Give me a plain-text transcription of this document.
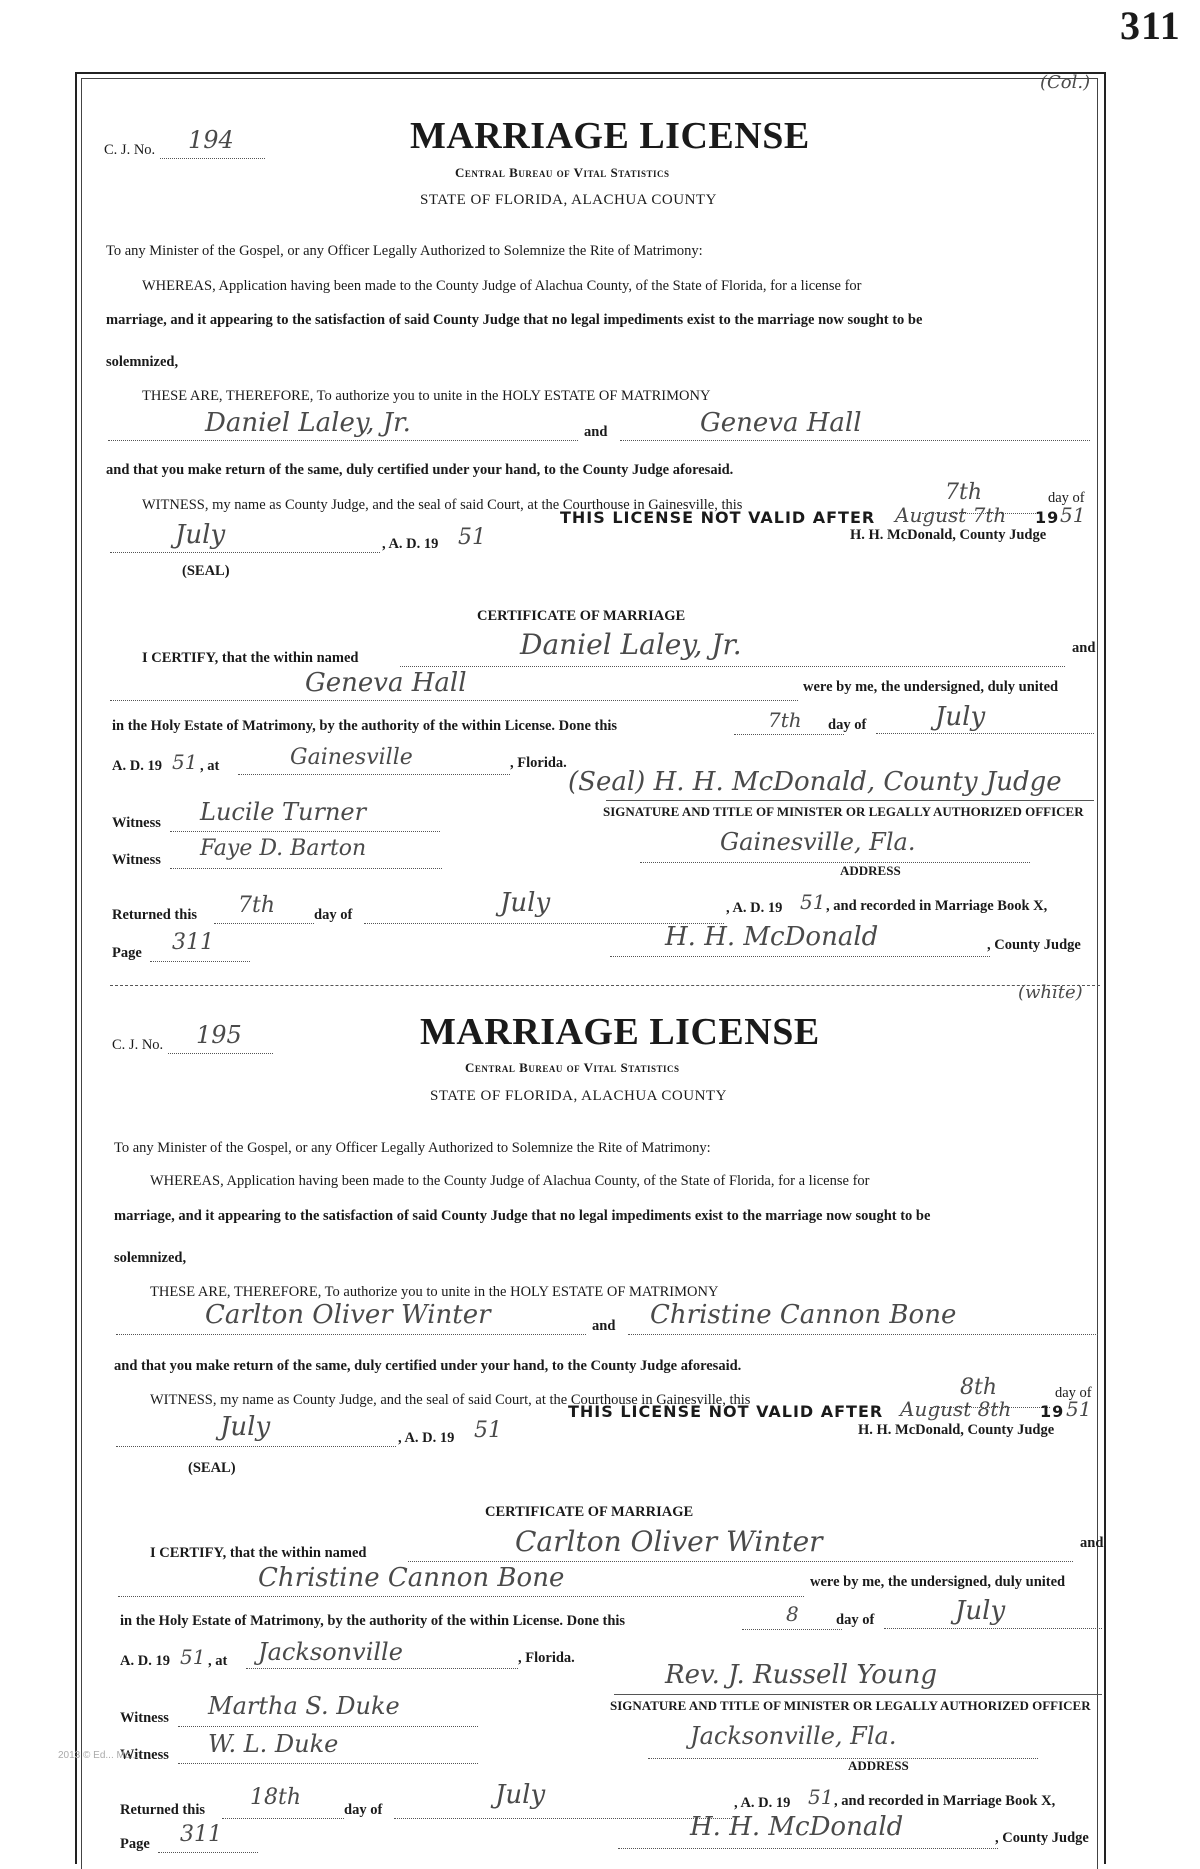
311
(Col.)
C. J. No. 194	MARRIAGE LICENSE
Central Bureau of Vital Statistics
STATE OF FLORIDA, ALACHUA COUNTY
To any Minister of the Gospel, or any Officer Legally Authorized to Solemnize the Rite of Matrimony:
WHEREAS, Application having been made to the County Judge of Alachua County, of the State of Florida, for a license for
marriage, and it appearing to the satisfaction of said County Judge that no legal impediments exist to the marriage now sought to be
solemnized,
THESE ARE, THEREFORE, To authorize you to unite in the HOLY ESTATE OF MATRIMONY
Daniel Laley, Jr.	and	Geneva Hall
and that you make return of the same, duly certified under your hand, to the County Judge aforesaid.
WITNESS, my name as County Judge, and the seal of said Court, at the Courthouse in Gainesville, this	7th	day of
THIS LICENSE NOT VALID AFTER August 7th 19 51
July	, A. D. 19 51	H. H. McDonald, County Judge
(SEAL)
CERTIFICATE OF MARRIAGE
I CERTIFY, that the within named	Daniel Laley, Jr.	and
Geneva Hall	were by me, the undersigned, duly united
in the Holy Estate of Matrimony, by the authority of the within License. Done this	7th day of	July
A. D. 19 51 , at	Gainesville	, Florida.
Witness Lucile Turner
(Seal) H. H. McDonald, County Judge
SIGNATURE AND TITLE OF MINISTER OR LEGALLY AUTHORIZED OFFICER
Witness Faye D. Barton	Gainesville, Fla.
ADDRESS
Returned this 7th	day of	July	, A. D. 19 51 , and recorded in Marriage Book X,
Page 311	H. H. McDonald	, County Judge
(white)
C. J. No. 195	MARRIAGE LICENSE
Central Bureau of Vital Statistics
STATE OF FLORIDA, ALACHUA COUNTY
To any Minister of the Gospel, or any Officer Legally Authorized to Solemnize the Rite of Matrimony:
WHEREAS, Application having been made to the County Judge of Alachua County, of the State of Florida, for a license for
marriage, and it appearing to the satisfaction of said County Judge that no legal impediments exist to the marriage now sought to be
solemnized,
THESE ARE, THEREFORE, To authorize you to unite in the HOLY ESTATE OF MATRIMONY
Carlton Oliver Winter	and Christine Cannon Bone
and that you make return of the same, duly certified under your hand, to the County Judge aforesaid.
WITNESS, my name as County Judge, and the seal of said Court, at the Courthouse in Gainesville, this	8th	day of
THIS LICENSE NOT VALID AFTER August 8th 19 51
July	, A. D. 19 51	H. H. McDonald, County Judge
(SEAL)
CERTIFICATE OF MARRIAGE
I CERTIFY, that the within named	Carlton Oliver Winter	and
Christine Cannon Bone	were by me, the undersigned, duly united
in the Holy Estate of Matrimony, by the authority of the within License. Done this	8	day of	July
A. D. 19 51 , at Jacksonville	, Florida.
Witness Martha S. Duke
Rev. J. Russell Young
SIGNATURE AND TITLE OF MINISTER OR LEGALLY AUTHORIZED OFFICER
Witness W. L. Duke	Jacksonville, Fla.
ADDRESS
Returned this 18th	day of	July	, A. D. 19 51 , and recorded in Marriage Book X,
Page 311	H. H. McDonald	, County Judge
2013 © Ed... Mc...
